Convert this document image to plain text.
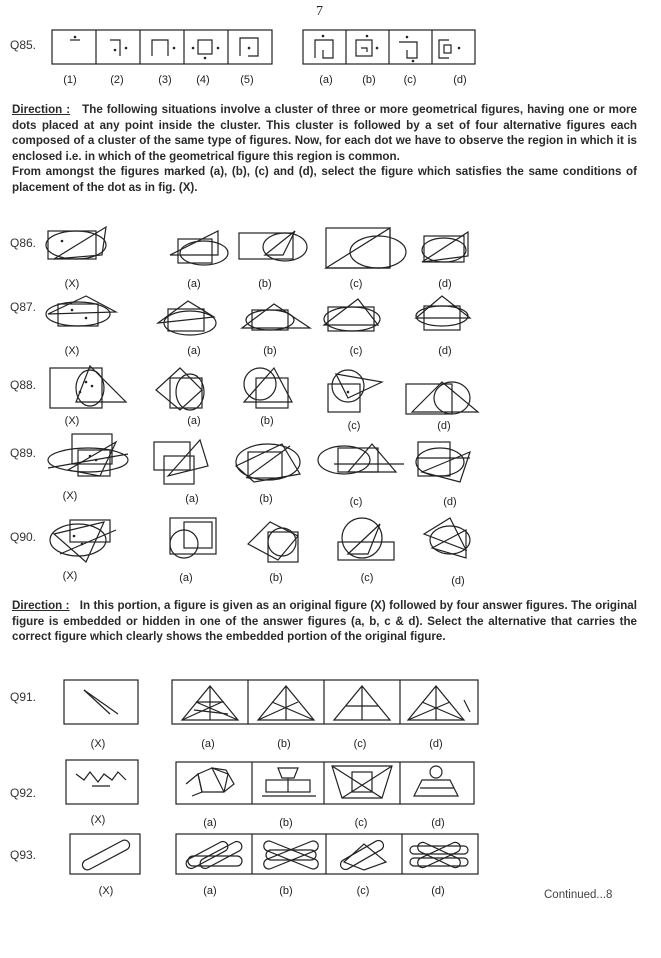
7
Q85.
(1)	(2)	(3)	(4)	(5)	(a)	(b)	(c)	(d)
Direction : The following situations involve a cluster of three or more geometrical figures, having one or more dots placed at any point inside the cluster. This cluster is followed by a set of four alternative figures each composed of a cluster of the same type of figures. Now, for each dot we have to observe the region in which it is enclosed i.e. in which of the geometrical figure this region is common.
From amongst the figures marked (a), (b), (c) and (d), select the figure which satisfies the same conditions of placement of the dot as in fig. (X).
Q86.
(X)	(a)	(b)	(c)	(d)
Q87.
(X)	(a)	(b)	(c)	(d)
Q88.
(X)	(a)	(b)	(c)	(d)
Q89.
(X)	(a)	(b)	(c)	(d)
Q90.
(X)	(a)	(b)	(c)	(d)
Direction : In this portion, a figure is given as an original figure (X) followed by four answer figures. The original figure is embedded or hidden in one of the answer figures (a, b, c & d). Select the alternative that carries the correct figure which clearly shows the embedded portion of the original figure.
Q91.
(X)	(a)	(b)	(c)	(d)
Q92.
(X)	(a)	(b)	(c)	(d)
Q93.
(X)	(a)	(b)	(c)	(d)	Continued...8
